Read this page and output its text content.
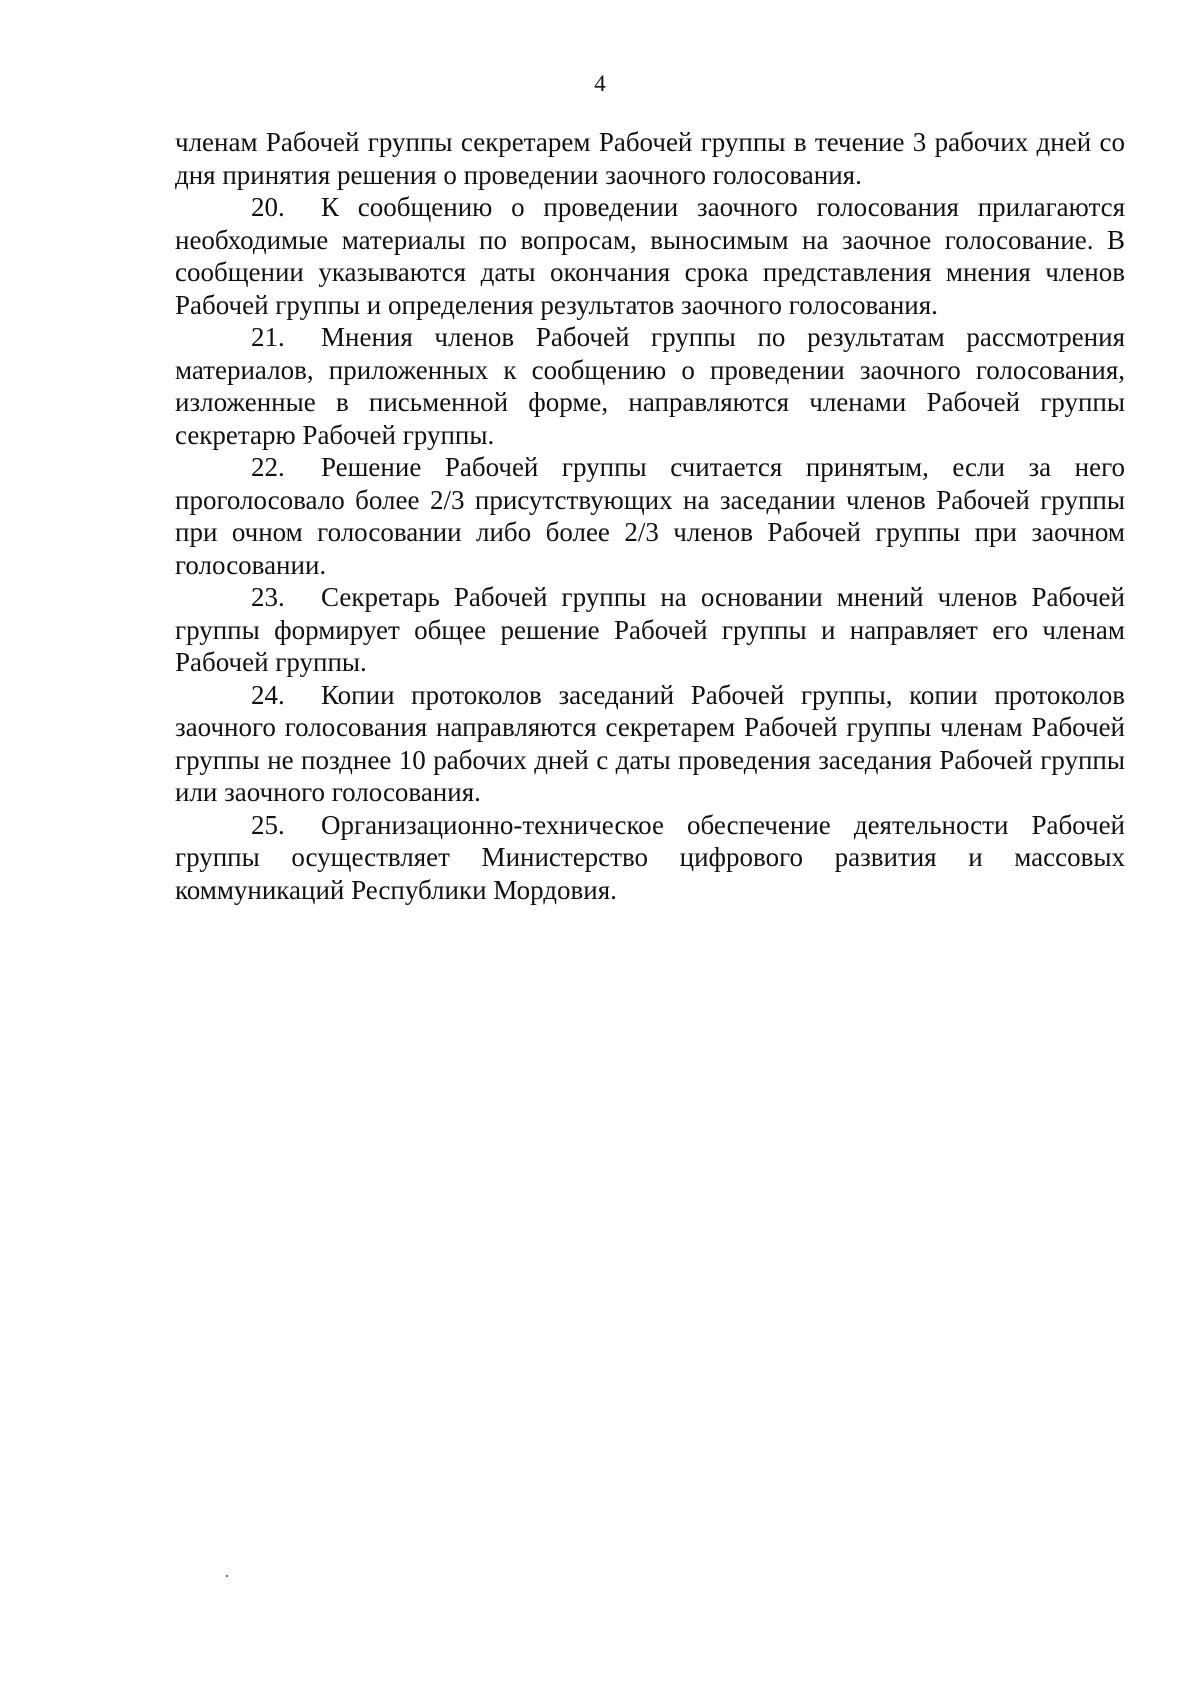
4

членам Рабочей группы секретарем Рабочей группы в течение 3 рабочих дней со дня принятия решения о проведении заочного голосования.

20. К сообщению о проведении заочного голосования прилагаются необходимые материалы по вопросам, выносимым на заочное голосование. В сообщении указываются даты окончания срока представления мнения членов Рабочей группы и определения результатов заочного голосования.

21. Мнения членов Рабочей группы по результатам рассмотрения материалов, приложенных к сообщению о проведении заочного голосования, изложенные в письменной форме, направляются членами Рабочей группы секретарю Рабочей группы.

22. Решение Рабочей группы считается принятым, если за него проголосовало более 2/3 присутствующих на заседании членов Рабочей группы при очном голосовании либо более 2/3 членов Рабочей группы при заочном голосовании.

23. Секретарь Рабочей группы на основании мнений членов Рабочей группы формирует общее решение Рабочей группы и направляет его членам Рабочей группы.

24. Копии протоколов заседаний Рабочей группы, копии протоколов заочного голосования направляются секретарем Рабочей группы членам Рабочей группы не позднее 10 рабочих дней с даты проведения заседания Рабочей группы или заочного голосования.

25. Организационно-техническое обеспечение деятельности Рабочей группы осуществляет Министерство цифрового развития и массовых коммуникаций Республики Мордовия.
